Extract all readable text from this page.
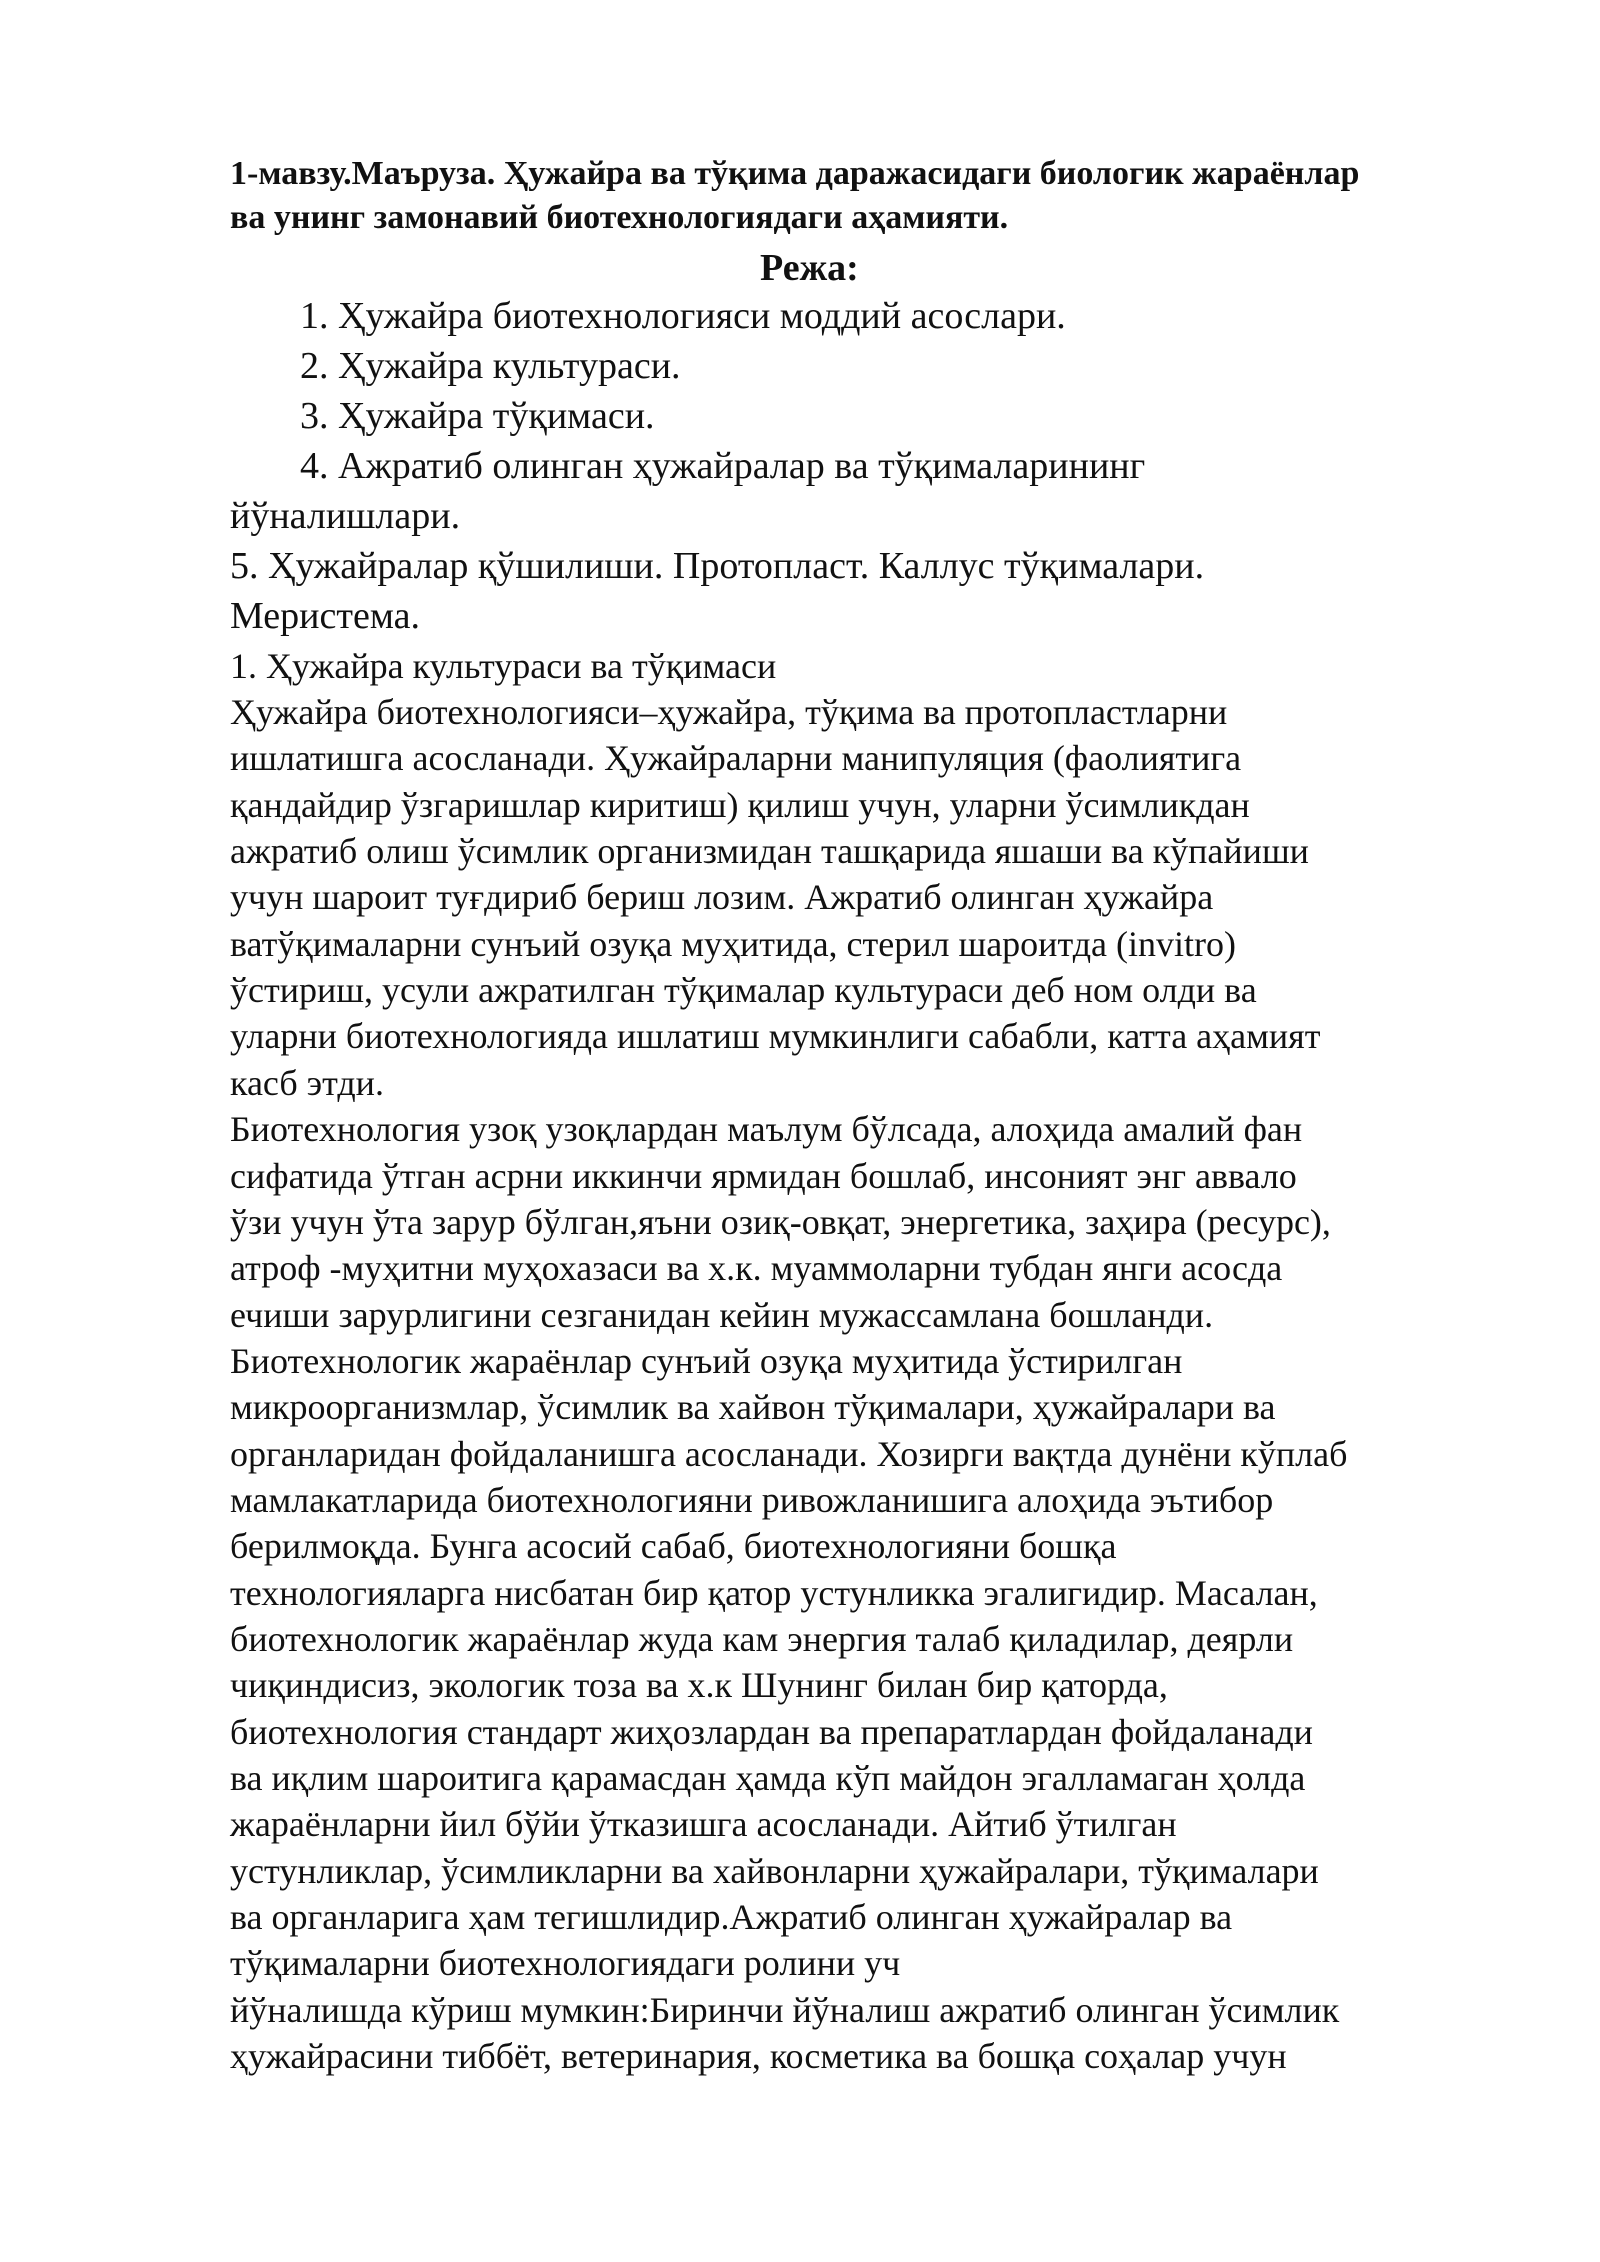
1-мавзу.Маъруза. Ҳужайра ва тўқима даражасидаги биологик жараёнлар

ва унинг замонавий биотехнологиядаги аҳамияти.

Режа:

1. Ҳужайра биотехнологияси моддий асослари.

2. Ҳужайра культураси.

3. Ҳужайра тўқимаси.

4. Ажратиб олинган ҳужайралар ва тўқималарининг

йўналишлари.

5. Ҳужайралар қўшилиши. Протопласт. Каллус тўқималари.

Меристема.

1. Ҳужайра культураси ва тўқимаси

Ҳужайра биотехнологияси–ҳужайра, тўқима ва протопластларни

ишлатишга асосланади. Ҳужайраларни манипуляция (фаолиятига

қандайдир ўзгаришлар киритиш) қилиш учун, уларни ўсимликдан

ажратиб олиш ўсимлик организмидан ташқарида яшаши ва кўпайиши

учун шароит туғдириб бериш лозим. Ажратиб олинган ҳужайра

ватўқималарни сунъий озуқа муҳитида, стерил шароитда (invitro)

ўстириш, усули ажратилган тўқималар культураси деб ном олди ва

уларни биотехнологияда ишлатиш мумкинлиги сабабли, катта аҳамият

касб этди.

Биотехнология узоқ узоқлардан маълум бўлсада, алоҳида амалий фан

сифатида ўтган асрни иккинчи ярмидан бошлаб, инсоният энг аввало

ўзи учун ўта зарур бўлган,яъни озиқ-овқат, энергетика, заҳира (ресурс),

атроф -муҳитни муҳохазаси ва х.к. муаммоларни тубдан янги асосда

ечиши зарурлигини сезганидан кейин мужассамлана бошланди.

Биотехнологик жараёнлар сунъий озуқа муҳитида ўстирилган

микроорганизмлар, ўсимлик ва хайвон тўқималари, ҳужайралари ва

органларидан фойдаланишга асосланади. Хозирги вақтда дунёни кўплаб

мамлакатларида биотехнологияни ривожланишига алоҳида эътибор

берилмоқда. Бунга асосий сабаб, биотехнологияни бошқа

технологияларга нисбатан бир қатор устунликка эгалигидир. Масалан,

биотехнологик жараёнлар жуда кам энергия талаб қиладилар, деярли

чиқиндисиз, экологик тоза ва х.к Шунинг билан бир қаторда,

биотехнология стандарт жиҳозлардан ва препаратлардан фойдаланади

ва иқлим шароитига қарамасдан ҳамда кўп майдон эгалламаган ҳолда

жараёнларни йил бўйи ўтказишга асосланади. Айтиб ўтилган

устунликлар, ўсимликларни ва хайвонларни ҳужайралари, тўқималари

ва органларига ҳам тегишлидир.Ажратиб олинган ҳужайралар ва

тўқималарни биотехнологиядаги ролини уч

йўналишда кўриш мумкин:Биринчи йўналиш ажратиб олинган ўсимлик

ҳужайрасини тиббёт, ветеринария, косметика ва бошқа соҳалар учун
